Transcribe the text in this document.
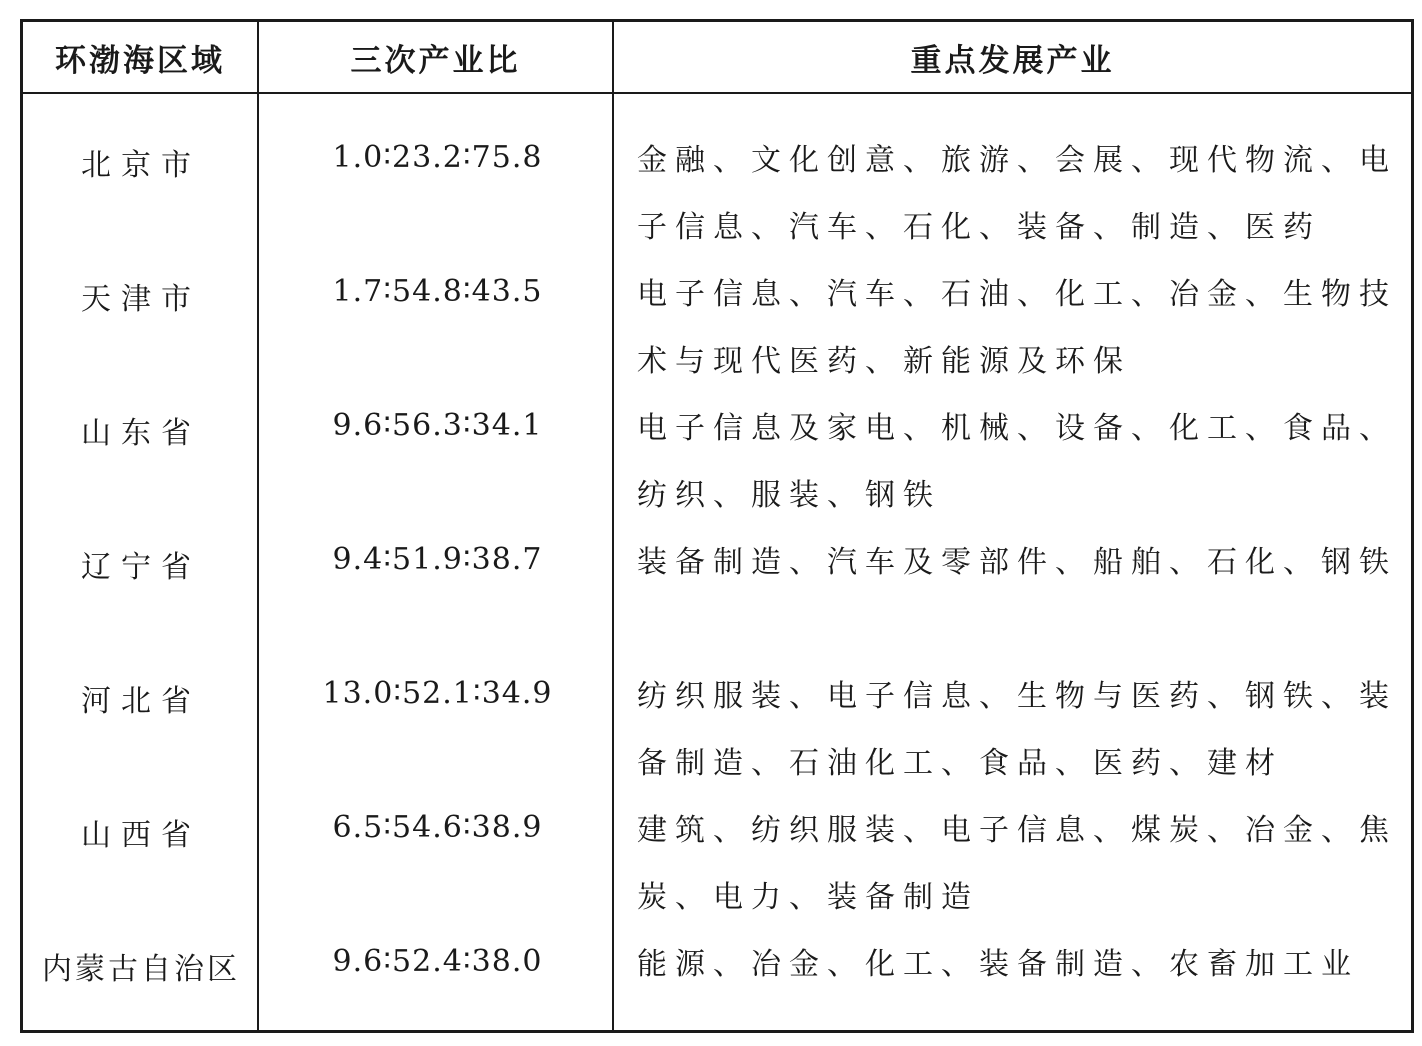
环渤海区域	三次产业比	重点发展产业
北京市	1.0∶23.2∶75.8	金融、文化创意、旅游、会展、现代物流、电
子信息、汽车、石化、装备、制造、医药
天津市	1.7∶54.8∶43.5	电子信息、汽车、石油、化工、冶金、生物技
术与现代医药、新能源及环保
山东省	9.6∶56.3∶34.1	电子信息及家电、机械、设备、化工、食品、
纺织、服装、钢铁
辽宁省	9.4∶51.9∶38.7	装备制造、汽车及零部件、船舶、石化、钢铁
河北省	13.0∶52.1∶34.9	纺织服装、电子信息、生物与医药、钢铁、装
备制造、石油化工、食品、医药、建材
山西省	6.5∶54.6∶38.9	建筑、纺织服装、电子信息、煤炭、冶金、焦
炭、电力、装备制造
内蒙古自治区	9.6∶52.4∶38.0	能源、冶金、化工、装备制造、农畜加工业
